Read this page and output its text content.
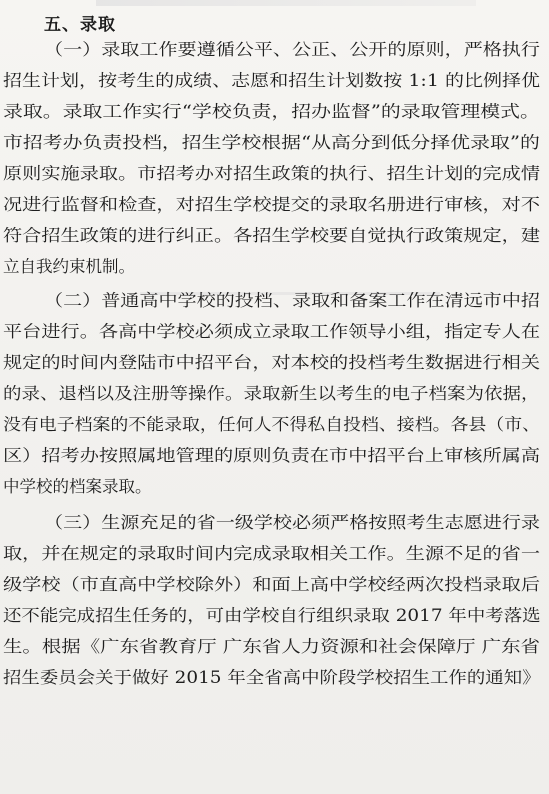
五、录取
（一）录取工作要遵循公平、公正、公开的原则，严格执行
招生计划，按考生的成绩、志愿和招生计划数按 1:1 的比例择优
录取。录取工作实行“学校负责，招办监督”的录取管理模式。
市招考办负责投档，招生学校根据“从高分到低分择优录取”的
原则实施录取。市招考办对招生政策的执行、招生计划的完成情
况进行监督和检查，对招生学校提交的录取名册进行审核，对不
符合招生政策的进行纠正。各招生学校要自觉执行政策规定，建
立自我约束机制。
（二）普通高中学校的投档、录取和备案工作在清远市中招
平台进行。各高中学校必须成立录取工作领导小组，指定专人在
规定的时间内登陆市中招平台，对本校的投档考生数据进行相关
的录、退档以及注册等操作。录取新生以考生的电子档案为依据，
没有电子档案的不能录取，任何人不得私自投档、接档。各县（市、
区）招考办按照属地管理的原则负责在市中招平台上审核所属高
中学校的档案录取。
（三）生源充足的省一级学校必须严格按照考生志愿进行录
取，并在规定的录取时间内完成录取相关工作。生源不足的省一
级学校（市直高中学校除外）和面上高中学校经两次投档录取后
还不能完成招生任务的，可由学校自行组织录取 2017 年中考落选
生。根据《广东省教育厅 广东省人力资源和社会保障厅 广东省
招生委员会关于做好 2015 年全省高中阶段学校招生工作的通知》
